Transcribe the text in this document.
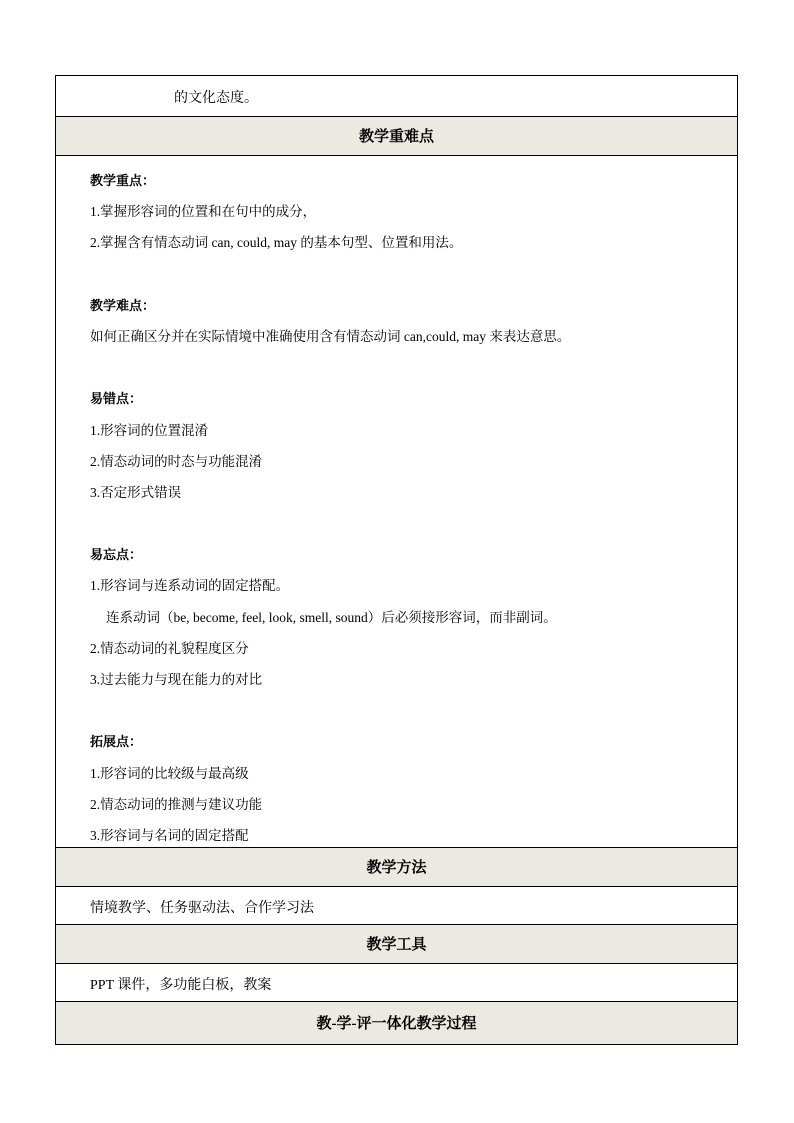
的文化态度。
教学重难点
教学重点：
1.掌握形容词的位置和在句中的成分，
2.掌握含有情态动词 can, could, may 的基本句型、位置和用法。
教学难点：
如何正确区分并在实际情境中准确使用含有情态动词 can,could, may 来表达意思。
易错点：
1.形容词的位置混淆
2.情态动词的时态与功能混淆
3.否定形式错误
易忘点：
1.形容词与连系动词的固定搭配。
连系动词（be, become, feel, look, smell, sound）后必须接形容词，而非副词。
2.情态动词的礼貌程度区分
3.过去能力与现在能力的对比
拓展点：
1.形容词的比较级与最高级
2.情态动词的推测与建议功能
3.形容词与名词的固定搭配
教学方法
情境教学、任务驱动法、合作学习法
教学工具
PPT 课件，多功能白板，教案
教-学-评一体化教学过程
